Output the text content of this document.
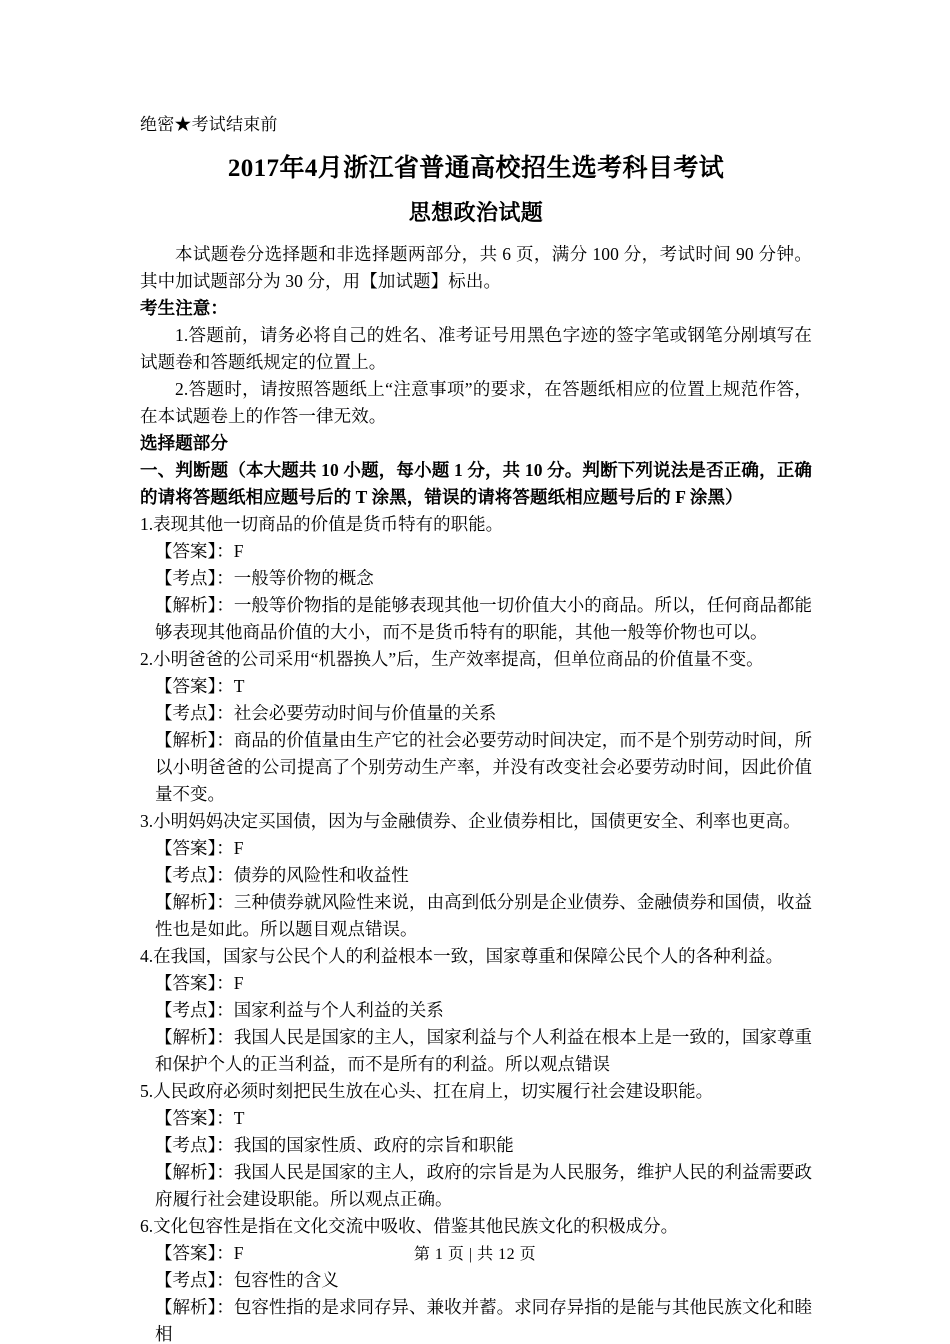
绝密★考试结束前
2017年4月浙江省普通高校招生选考科目考试
思想政治试题
本试题卷分选择题和非选择题两部分，共 6 页，满分 100 分，考试时间 90 分钟。其中加试题部分为 30 分，用【加试题】标出。
考生注意：
1.答题前，请务必将自己的姓名、准考证号用黑色字迹的签字笔或钢笔分剐填写在试题卷和答题纸规定的位置上。
2.答题时，请按照答题纸上“注意事项”的要求，在答题纸相应的位置上规范作答，在本试题卷上的作答一律无效。
选择题部分
一、判断题（本大题共 10 小题，每小题 1 分，共 10 分。判断下列说法是否正确，正确的请将答题纸相应题号后的 T 涂黑，错误的请将答题纸相应题号后的 F 涂黑）
1.表现其他一切商品的价值是货币特有的职能。
【答案】：F
【考点】：一般等价物的概念
【解析】：一般等价物指的是能够表现其他一切价值大小的商品。所以，任何商品都能够表现其他商品价值的大小，而不是货币特有的职能，其他一般等价物也可以。
2.小明爸爸的公司采用“机器换人”后，生产效率提高，但单位商品的价值量不变。
【答案】：T
【考点】：社会必要劳动时间与价值量的关系
【解析】：商品的价值量由生产它的社会必要劳动时间决定，而不是个别劳动时间，所以小明爸爸的公司提高了个别劳动生产率，并没有改变社会必要劳动时间，因此价值量不变。
3.小明妈妈决定买国债，因为与金融债券、企业债券相比，国债更安全、利率也更高。
【答案】：F
【考点】：债券的风险性和收益性
【解析】：三种债券就风险性来说，由高到低分别是企业债券、金融债券和国债，收益性也是如此。所以题目观点错误。
4.在我国，国家与公民个人的利益根本一致，国家尊重和保障公民个人的各种利益。
【答案】：F
【考点】：国家利益与个人利益的关系
【解析】：我国人民是国家的主人，国家利益与个人利益在根本上是一致的，国家尊重和保护个人的正当利益，而不是所有的利益。所以观点错误
5.人民政府必须时刻把民生放在心头、扛在肩上，切实履行社会建设职能。
【答案】：T
【考点】：我国的国家性质、政府的宗旨和职能
【解析】：我国人民是国家的主人，政府的宗旨是为人民服务，维护人民的利益需要政府履行社会建设职能。所以观点正确。
6.文化包容性是指在文化交流中吸收、借鉴其他民族文化的积极成分。
【答案】：F
【考点】：包容性的含义
【解析】：包容性指的是求同存异、兼收并蓄。求同存异指的是能与其他民族文化和睦相
第 1 页 | 共 12 页
